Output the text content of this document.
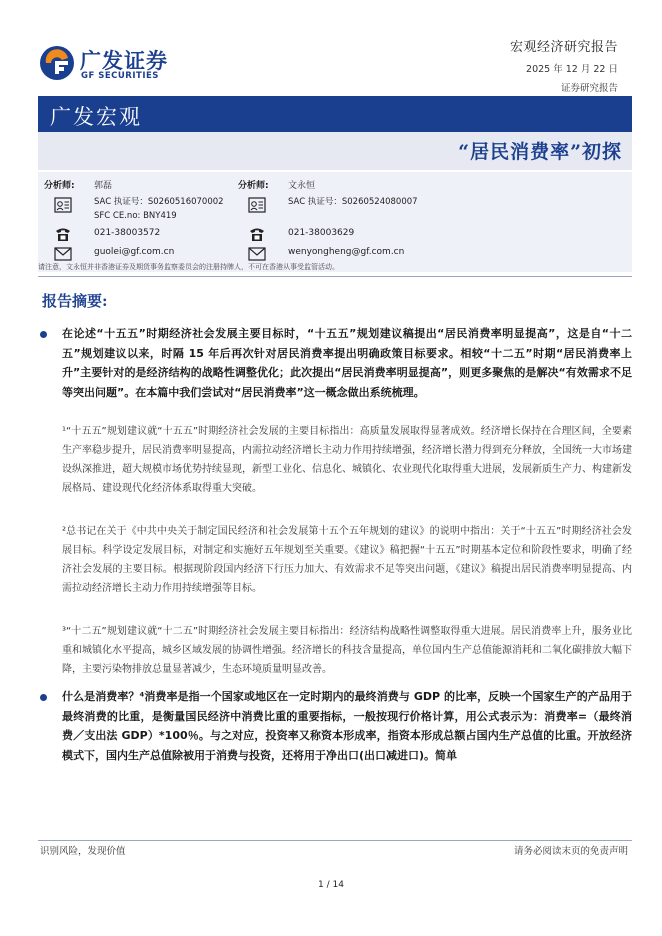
广发证券
GF SECURITIES
宏观经济研究报告
2025 年 12 月 22 日
证券研究报告
广发宏观
“居民消费率”初探
分析师: 郭磊
SAC 执证号：S0260516070002
SFC CE.no: BNY419
021-38003572
guolei@gf.com.cn
分析师: 文永恒
SAC 执证号：S0260524080007
021-38003629
wenyongheng@gf.com.cn
请注意，文永恒并非香港证券及期货事务监察委员会的注册持牌人，不可在香港从事受监管活动。
报告摘要:

在论述“十五五”时期经济社会发展主要目标时，“十五五”规划建议稿提出“居民消费率明显提高”，这是自“十二五”规划建议以来，时隔 15 年后再次针对居民消费率提出明确政策目标要求。相较“十二五”时期“居民消费率上升”主要针对的是经济结构的战略性调整优化；此次提出“居民消费率明显提高”，则更多聚焦的是解决“有效需求不足等突出问题”。在本篇中我们尝试对“居民消费率”这一概念做出系统梳理。

¹“十五五”规划建议就“十五五”时期经济社会发展的主要目标指出：高质量发展取得显著成效。经济增长保持在合理区间，全要素生产率稳步提升，居民消费率明显提高，内需拉动经济增长主动力作用持续增强，经济增长潜力得到充分释放，全国统一大市场建设纵深推进，超大规模市场优势持续显现，新型工业化、信息化、城镇化、农业现代化取得重大进展，发展新质生产力、构建新发展格局、建设现代化经济体系取得重大突破。

²总书记在关于《中共中央关于制定国民经济和社会发展第十五个五年规划的建议》的说明中指出：关于“十五五”时期经济社会发展目标。科学设定发展目标，对制定和实施好五年规划至关重要。《建议》稿把握“十五五”时期基本定位和阶段性要求，明确了经济社会发展的主要目标。根据现阶段国内经济下行压力加大、有效需求不足等突出问题，《建议》稿提出居民消费率明显提高、内需拉动经济增长主动力作用持续增强等目标。

³“十二五”规划建议就“十二五”时期经济社会发展主要目标指出：经济结构战略性调整取得重大进展。居民消费率上升，服务业比重和城镇化水平提高，城乡区域发展的协调性增强。经济增长的科技含量提高，单位国内生产总值能源消耗和二氧化碳排放大幅下降，主要污染物排放总量显著减少，生态环境质量明显改善。

什么是消费率？⁴消费率是指一个国家或地区在一定时期内的最终消费与 GDP 的比率，反映一个国家生产的产品用于最终消费的比重，是衡量国民经济中消费比重的重要指标，一般按现行价格计算，用公式表示为：消费率=（最终消费／支出法 GDP）*100％。与之对应，投资率又称资本形成率，指资本形成总额占国内生产总值的比重。开放经济模式下，国内生产总值除被用于消费与投资，还将用于净出口(出口减进口)。简单

识别风险，发现价值	请务必阅读末页的免责声明
1 / 14
